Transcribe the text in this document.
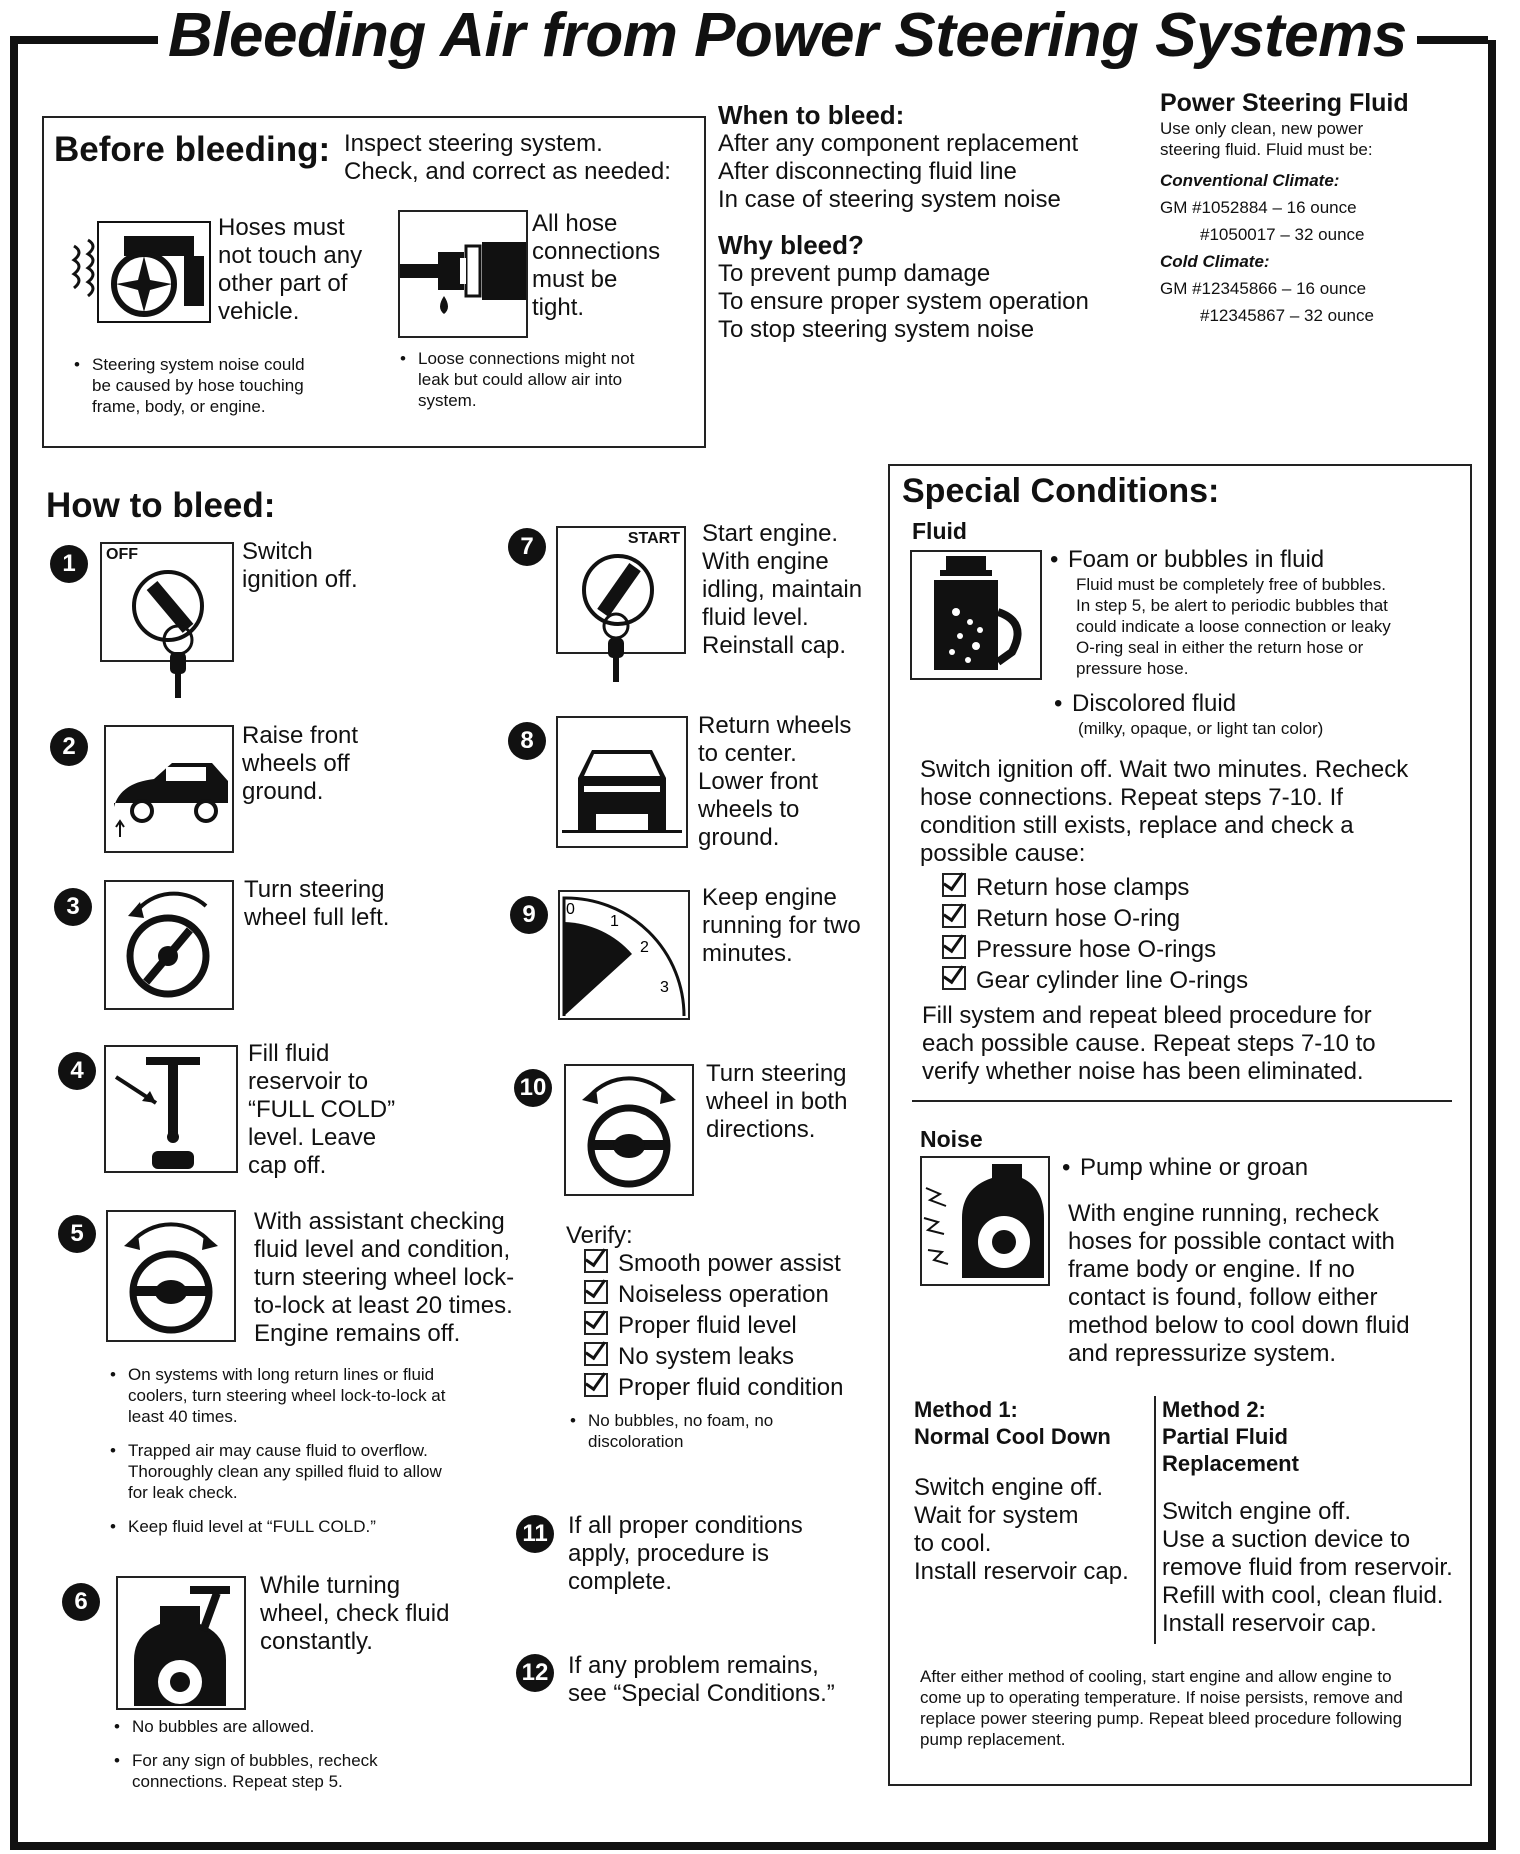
Bleeding Air from Power Steering Systems
Before bleeding: Inspect steering system.
Check, and correct as needed:
Hoses must
not touch any
other part of
vehicle.
• Steering system noise could
be caused by hose touching
frame, body, or engine.
All hose
connections
must be
tight.
• Loose connections might not
leak but could allow air into
system.
When to bleed:
After any component replacement
After disconnecting fluid line
In case of steering system noise
Why bleed?
To prevent pump damage
To ensure proper system operation
To stop steering system noise
Power Steering Fluid
Use only clean, new power
steering fluid. Fluid must be:
Conventional Climate:
GM #1052884 – 16 ounce
#1050017 – 32 ounce
Cold Climate:
GM #12345866 – 16 ounce
#12345867 – 32 ounce
How to bleed:
1	OFF	Switch
ignition off.
2	Raise front
wheels off
ground.
3
Turn steering
wheel full left.
4
Fill fluid
reservoir to
“FULL COLD”
level. Leave
cap off.
5	With assistant checking
fluid level and condition,
turn steering wheel lock-
to-lock at least 20 times.
Engine remains off.
• On systems with long return lines or fluid
coolers, turn steering wheel lock-to-lock at
least 40 times.
• Trapped air may cause fluid to overflow.
Thoroughly clean any spilled fluid to allow
for leak check.
• Keep fluid level at “FULL COLD.”
6
While turning
wheel, check fluid
constantly.
• No bubbles are allowed.
• For any sign of bubbles, recheck
connections. Repeat step 5.
7	START Start engine.
With engine
idling, maintain
fluid level.
Reinstall cap.
8
Return wheels
to center.
Lower front
wheels to
ground.
9	0
1
2
3
Keep engine
running for two
minutes.
10
Turn steering
wheel in both
directions.
Verify:
Smooth power assist
Noiseless operation
Proper fluid level
No system leaks
Proper fluid condition
• No bubbles, no foam, no
discoloration
11 If all proper conditions
apply, procedure is
complete.
12 If any problem remains,
see “Special Conditions.”
Special Conditions:
Fluid
• Foam or bubbles in fluid
Fluid must be completely free of bubbles.
In step 5, be alert to periodic bubbles that
could indicate a loose connection or leaky
O-ring seal in either the return hose or
pressure hose.
• Discolored fluid
(milky, opaque, or light tan color)
Switch ignition off. Wait two minutes. Recheck
hose connections. Repeat steps 7-10. If
condition still exists, replace and check a
possible cause:
Return hose clamps
Return hose O-ring
Pressure hose O-rings
Gear cylinder line O-rings
Fill system and repeat bleed procedure for
each possible cause. Repeat steps 7-10 to
verify whether noise has been eliminated.
Noise
• Pump whine or groan
With engine running, recheck
hoses for possible contact with
frame body or engine. If no
contact is found, follow either
method below to cool down fluid
and repressurize system.
Method 1:
Normal Cool Down
Switch engine off.
Wait for system
to cool.
Install reservoir cap.
Method 2:
Partial Fluid
Replacement
Switch engine off.
Use a suction device to
remove fluid from reservoir.
Refill with cool, clean fluid.
Install reservoir cap.
After either method of cooling, start engine and allow engine to
come up to operating temperature. If noise persists, remove and
replace power steering pump. Repeat bleed procedure following
pump replacement.
